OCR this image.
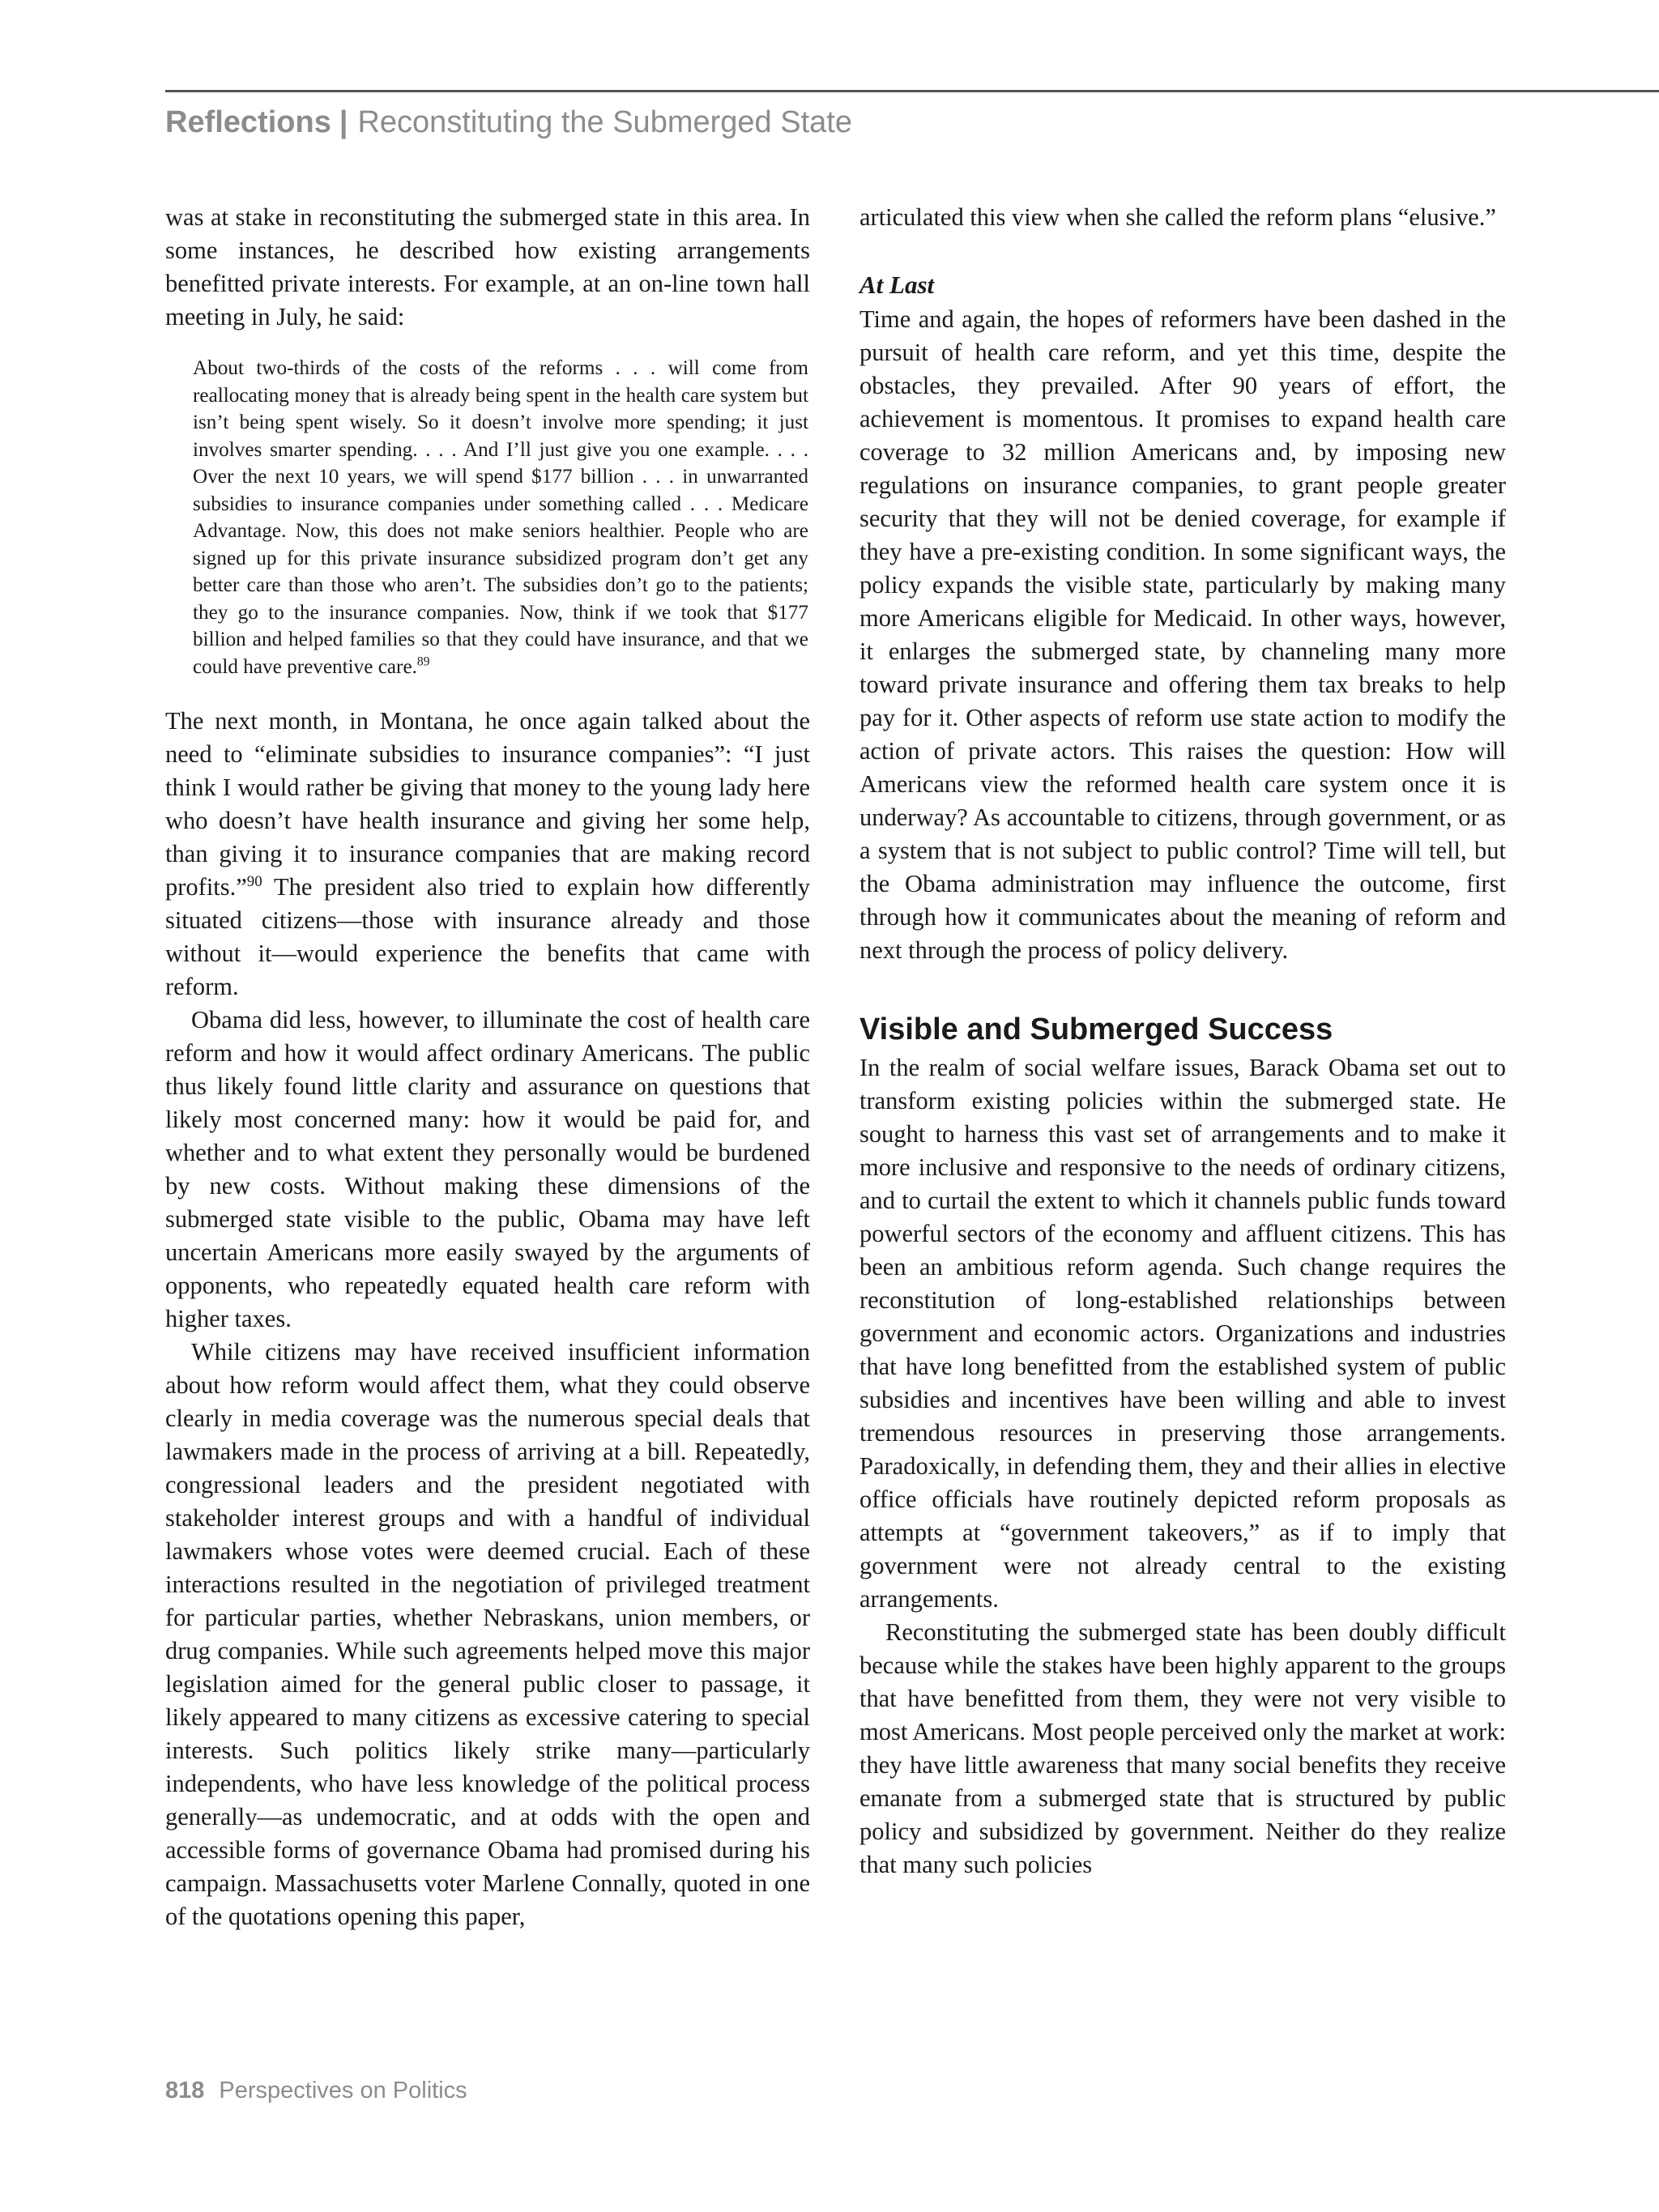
Reflections | Reconstituting the Submerged State

was at stake in reconstituting the submerged state in this area. In some instances, he described how existing arrangements benefitted private interests. For example, at an on-line town hall meeting in July, he said:

About two-thirds of the costs of the reforms . . . will come from reallocating money that is already being spent in the health care system but isn’t being spent wisely. So it doesn’t involve more spending; it just involves smarter spending. . . . And I’ll just give you one example. . . . Over the next 10 years, we will spend $177 billion . . . in unwarranted subsidies to insurance companies under something called . . . Medicare Advantage. Now, this does not make seniors healthier. People who are signed up for this private insurance subsidized program don’t get any better care than those who aren’t. The subsidies don’t go to the patients; they go to the insurance companies. Now, think if we took that $177 billion and helped families so that they could have insurance, and that we could have preventive care.$^{89}$

The next month, in Montana, he once again talked about the need to “eliminate subsidies to insurance companies”: “I just think I would rather be giving that money to the young lady here who doesn’t have health insurance and giving her some help, than giving it to insurance companies that are making record profits.”$^{90}$ The president also tried to explain how differently situated citizens—those with insurance already and those without it—would experience the benefits that came with reform.

Obama did less, however, to illuminate the cost of health care reform and how it would affect ordinary Americans. The public thus likely found little clarity and assurance on questions that likely most concerned many: how it would be paid for, and whether and to what extent they personally would be burdened by new costs. Without making these dimensions of the submerged state visible to the public, Obama may have left uncertain Americans more easily swayed by the arguments of opponents, who repeatedly equated health care reform with higher taxes.

While citizens may have received insufficient information about how reform would affect them, what they could observe clearly in media coverage was the numerous special deals that lawmakers made in the process of arriving at a bill. Repeatedly, congressional leaders and the president negotiated with stakeholder interest groups and with a handful of individual lawmakers whose votes were deemed crucial. Each of these interactions resulted in the negotiation of privileged treatment for particular parties, whether Nebraskans, union members, or drug companies. While such agreements helped move this major legislation aimed for the general public closer to passage, it likely appeared to many citizens as excessive catering to special interests. Such politics likely strike many—particularly independents, who have less knowledge of the political process generally—as undemocratic, and at odds with the open and accessible forms of governance Obama had promised during his campaign. Massachusetts voter Marlene Connally, quoted in one of the quotations opening this paper,

articulated this view when she called the reform plans “elusive.”

At Last

Time and again, the hopes of reformers have been dashed in the pursuit of health care reform, and yet this time, despite the obstacles, they prevailed. After 90 years of effort, the achievement is momentous. It promises to expand health care coverage to 32 million Americans and, by imposing new regulations on insurance companies, to grant people greater security that they will not be denied coverage, for example if they have a pre-existing condition. In some significant ways, the policy expands the visible state, particularly by making many more Americans eligible for Medicaid. In other ways, however, it enlarges the submerged state, by channeling many more toward private insurance and offering them tax breaks to help pay for it. Other aspects of reform use state action to modify the action of private actors. This raises the question: How will Americans view the reformed health care system once it is underway? As accountable to citizens, through government, or as a system that is not subject to public control? Time will tell, but the Obama administration may influence the outcome, first through how it communicates about the meaning of reform and next through the process of policy delivery.

Visible and Submerged Success

In the realm of social welfare issues, Barack Obama set out to transform existing policies within the submerged state. He sought to harness this vast set of arrangements and to make it more inclusive and responsive to the needs of ordinary citizens, and to curtail the extent to which it channels public funds toward powerful sectors of the economy and affluent citizens. This has been an ambitious reform agenda. Such change requires the reconstitution of long-established relationships between government and economic actors. Organizations and industries that have long benefitted from the established system of public subsidies and incentives have been willing and able to invest tremendous resources in preserving those arrangements. Paradoxically, in defending them, they and their allies in elective office officials have routinely depicted reform proposals as attempts at “government takeovers,” as if to imply that government were not already central to the existing arrangements.

Reconstituting the submerged state has been doubly difficult because while the stakes have been highly apparent to the groups that have benefitted from them, they were not very visible to most Americans. Most people perceived only the market at work: they have little awareness that many social benefits they receive emanate from a submerged state that is structured by public policy and subsidized by government. Neither do they realize that many such policies

818 Perspectives on Politics
